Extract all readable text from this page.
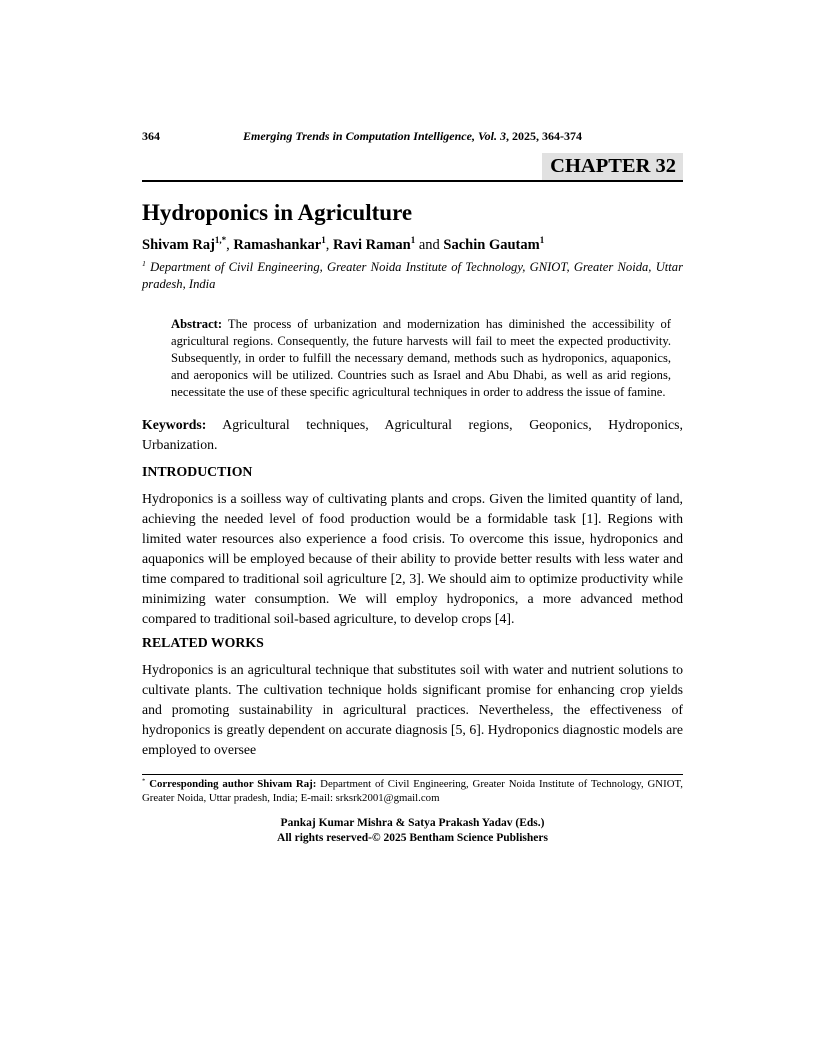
364	Emerging Trends in Computation Intelligence, Vol. 3, 2025, 364-374
CHAPTER 32
Hydroponics in Agriculture
Shivam Raj$^{1,*}$, Ramashankar$^1$, Ravi Raman$^1$ and Sachin Gautam$^1$

$^1$ Department of Civil Engineering, Greater Noida Institute of Technology, GNIOT, Greater Noida, Uttar pradesh, India

Abstract: The process of urbanization and modernization has diminished the accessibility of agricultural regions. Consequently, the future harvests will fail to meet the expected productivity. Subsequently, in order to fulfill the necessary demand, methods such as hydroponics, aquaponics, and aeroponics will be utilized. Countries such as Israel and Abu Dhabi, as well as arid regions, necessitate the use of these specific agricultural techniques in order to address the issue of famine.

Keywords: Agricultural techniques, Agricultural regions, Geoponics, Hydroponics, Urbanization.

INTRODUCTION

Hydroponics is a soilless way of cultivating plants and crops. Given the limited quantity of land, achieving the needed level of food production would be a formidable task [1]. Regions with limited water resources also experience a food crisis. To overcome this issue, hydroponics and aquaponics will be employed because of their ability to provide better results with less water and time compared to traditional soil agriculture [2, 3]. We should aim to optimize productivity while minimizing water consumption. We will employ hydroponics, a more advanced method compared to traditional soil-based agriculture, to develop crops [4].

RELATED WORKS

Hydroponics is an agricultural technique that substitutes soil with water and nutrient solutions to cultivate plants. The cultivation technique holds significant promise for enhancing crop yields and promoting sustainability in agricultural practices. Nevertheless, the effectiveness of hydroponics is greatly dependent on accurate diagnosis [5, 6]. Hydroponics diagnostic models are employed to oversee

* Corresponding author Shivam Raj: Department of Civil Engineering, Greater Noida Institute of Technology, GNIOT, Greater Noida, Uttar pradesh, India; E-mail: srksrk2001@gmail.com
Pankaj Kumar Mishra & Satya Prakash Yadav (Eds.)
All rights reserved-© 2025 Bentham Science Publishers
